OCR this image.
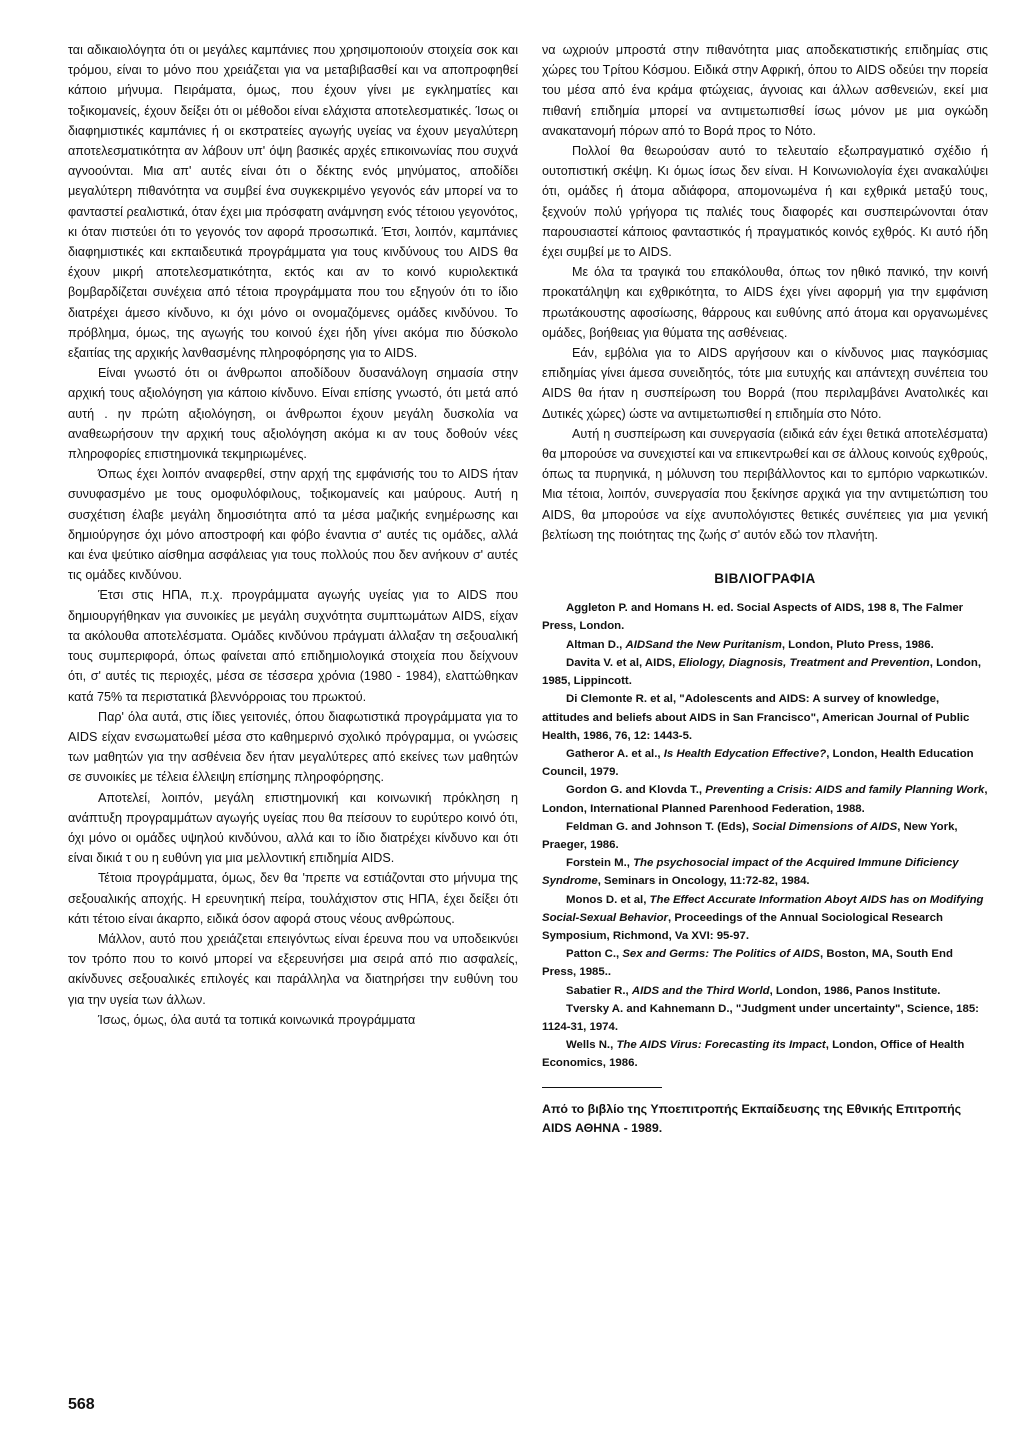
ται αδικαιολόγητα ότι οι μεγάλες καμπάνιες που χρησιμοποιούν στοιχεία σοκ και τρόμου, είναι το μόνο που χρειάζεται για να μεταβιβασθεί και να αποπροφηθεί κάποιο μήνυμα. Πειράματα, όμως, που έχουν γίνει με εγκληματίες και τοξικομανείς, έχουν δείξει ότι οι μέθοδοι είναι ελάχιστα αποτελεσματικές. Ίσως οι διαφημιστικές καμπάνιες ή οι εκστρατείες αγωγής υγείας να έχουν μεγαλύτερη αποτελεσματικότητα αν λάβουν υπ' όψη βασικές αρχές επικοινωνίας που συχνά αγνοούνται. Μια απ' αυτές είναι ότι ο δέκτης ενός μηνύματος, αποδίδει μεγαλύτερη πιθανότητα να συμβεί ένα συγκεκριμένο γεγονός εάν μπορεί να το φανταστεί ρεαλιστικά, όταν έχει μια πρόσφατη ανάμνηση ενός τέτοιου γεγονότος, κι όταν πιστεύει ότι το γεγονός τον αφορά προσωπικά. Έτσι, λοιπόν, καμπάνιες διαφημιστικές και εκπαιδευτικά προγράμματα για τους κινδύνους του AIDS θα έχουν μικρή αποτελεσματικότητα, εκτός και αν το κοινό κυριολεκτικά βομβαρδίζεται συνέχεια από τέτοια προγράμματα που του εξηγούν ότι το ίδιο διατρέχει άμεσο κίνδυνο, κι όχι μόνο οι ονομαζόμενες ομάδες κινδύνου. Το πρόβλημα, όμως, της αγωγής του κοινού έχει ήδη γίνει ακόμα πιο δύσκολο εξαιτίας της αρχικής λανθασμένης πληροφόρησης για το AIDS.

Είναι γνωστό ότι οι άνθρωποι αποδίδουν δυσανάλογη σημασία στην αρχική τους αξιολόγηση για κάποιο κίνδυνο. Είναι επίσης γνωστό, ότι μετά από αυτή . ην πρώτη αξιολόγηση, οι άνθρωποι έχουν μεγάλη δυσκολία να αναθεωρήσουν την αρχική τους αξιολόγηση ακόμα κι αν τους δοθούν νέες πληροφορίες επιστημονικά τεκμηριωμένες.

Όπως έχει λοιπόν αναφερθεί, στην αρχή της εμφάνισής του το AIDS ήταν συνυφασμένο με τους ομοφυλόφιλους, τοξικομανείς και μαύρους. Αυτή η συσχέτιση έλαβε μεγάλη δημοσιότητα από τα μέσα μαζικής ενημέρωσης και δημιούργησε όχι μόνο αποστροφή και φόβο έναντια σ' αυτές τις ομάδες, αλλά και ένα ψεύτικο αίσθημα ασφάλειας για τους πολλούς που δεν ανήκουν σ' αυτές τις ομάδες κινδύνου.

Έτσι στις ΗΠΑ, π.χ. προγράμματα αγωγής υγείας για το AIDS που δημιουργήθηκαν για συνοικίες με μεγάλη συχνότητα συμπτωμάτων AIDS, είχαν τα ακόλουθα αποτελέσματα. Ομάδες κινδύνου πράγματι άλλαξαν τη σεξουαλική τους συμπεριφορά, όπως φαίνεται από επιδημιολογικά στοιχεία που δείχνουν ότι, σ' αυτές τις περιοχές, μέσα σε τέσσερα χρόνια (1980 - 1984), ελαττώθηκαν κατά 75% τα περιστατικά βλεννόρροιας του πρωκτού.

Παρ' όλα αυτά, στις ίδιες γειτονιές, όπου διαφωτιστικά προγράμματα για το AIDS είχαν ενσωματωθεί μέσα στο καθημερινό σχολικό πρόγραμμα, οι γνώσεις των μαθητών για την ασθένεια δεν ήταν μεγαλύτερες από εκείνες των μαθητών σε συνοικίες με τέλεια έλλειψη επίσημης πληροφόρησης.

Αποτελεί, λοιπόν, μεγάλη επιστημονική και κοινωνική πρόκληση η ανάπτυξη προγραμμάτων αγωγής υγείας που θα πείσουν το ευρύτερο κοινό ότι, όχι μόνο οι ομάδες υψηλού κινδύνου, αλλά και το ίδιο διατρέχει κίνδυνο και ότι είναι δικιά τ ου η ευθύνη για μια μελλοντική επιδημία AIDS.

Τέτοια προγράμματα, όμως, δεν θα 'πρεπε να εστιάζονται στο μήνυμα της σεξουαλικής αποχής. Η ερευνητική πείρα, τουλάχιστον στις ΗΠΑ, έχει δείξει ότι κάτι τέτοιο είναι άκαρπο, ειδικά όσον αφορά στους νέους ανθρώπους.

Μάλλον, αυτό που χρειάζεται επειγόντως είναι έρευνα που να υποδεικνύει τον τρόπο που το κοινό μπορεί να εξερευνήσει μια σειρά από πιο ασφαλείς, ακίνδυνες σεξουαλικές επιλογές και παράλληλα να διατηρήσει την ευθύνη του για την υγεία των άλλων.

Ίσως, όμως, όλα αυτά τα τοπικά κοινωνικά προγράμματα

να ωχριούν μπροστά στην πιθανότητα μιας αποδεκατιστικής επιδημίας στις χώρες του Τρίτου Κόσμου. Ειδικά στην Αφρική, όπου το AIDS οδεύει την πορεία του μέσα από ένα κράμα φτώχειας, άγνοιας και άλλων ασθενειών, εκεί μια πιθανή επιδημία μπορεί να αντιμετωπισθεί ίσως μόνον με μια ογκώδη ανακατανομή πόρων από το Βορά προς το Νότο.

Πολλοί θα θεωρούσαν αυτό το τελευταίο εξωπραγματικό σχέδιο ή ουτοπιστική σκέψη. Κι όμως ίσως δεν είναι. Η Κοινωνιολογία έχει ανακαλύψει ότι, ομάδες ή άτομα αδιάφορα, απομονωμένα ή και εχθρικά μεταξύ τους, ξεχνούν πολύ γρήγορα τις παλιές τους διαφορές και συσπειρώνονται όταν παρουσιαστεί κάποιος φανταστικός ή πραγματικός κοινός εχθρός. Κι αυτό ήδη έχει συμβεί με το AIDS.

Με όλα τα τραγικά του επακόλουθα, όπως τον ηθικό πανικό, την κοινή προκατάληψη και εχθρικότητα, το AIDS έχει γίνει αφορμή για την εμφάνιση πρωτάκουστης αφοσίωσης, θάρρους και ευθύνης από άτομα και οργανωμένες ομάδες, βοήθειας για θύματα της ασθένειας.

Εάν, εμβόλια για το AIDS αργήσουν και ο κίνδυνος μιας παγκόσμιας επιδημίας γίνει άμεσα συνειδητός, τότε μια ευτυχής και απάντεχη συνέπεια του AIDS θα ήταν η συσπείρωση του Βορρά (που περιλαμβάνει Ανατολικές και Δυτικές χώρες) ώστε να αντιμετωπισθεί η επιδημία στο Νότο.

Αυτή η συσπείρωση και συνεργασία (ειδικά εάν έχει θετικά αποτελέσματα) θα μπορούσε να συνεχιστεί και να επικεντρωθεί και σε άλλους κοινούς εχθρούς, όπως τα πυρηνικά, η μόλυνση του περιβάλλοντος και το εμπόριο ναρκωτικών. Μια τέτοια, λοιπόν, συνεργασία που ξεκίνησε αρχικά για την αντιμετώπιση του AIDS, θα μπορούσε να είχε ανυπολόγιστες θετικές συνέπειες για μια γενική βελτίωση της ποιότητας της ζωής σ' αυτόν εδώ τον πλανήτη.

ΒΙΒΛΙΟΓΡΑΦΙΑ
Aggleton P. and Homans H. ed. Social Aspects of AIDS, 198 8, The Falmer Press, London.
Altman D., AIDSand the New Puritanism, London, Pluto Press, 1986.
Davita V. et al, AIDS, Eliology, Diagnosis, Treatment and Prevention, London, 1985, Lippincott.
Di Clemonte R. et al, "Adolescents and AIDS: A survey of knowledge, attitudes and beliefs about AIDS in San Francisco", American Journal of Public Health, 1986, 76, 12: 1443-5.
Gatheror A. et al., Is Health Edycation Effective?, London, Health Education Council, 1979.
Gordon G. and Klovda T., Preventing a Crisis: AIDS and family Planning Work, London, International Planned Parenhood Federation, 1988.
Feldman G. and Johnson T. (Eds), Social Dimensions of AIDS, New York, Praeger, 1986.
Forstein M., The psychosocial impact of the Acquired Immune Dificiency Syndrome, Seminars in Oncology, 11:72-82, 1984.
Monos D. et al, The Effect Accurate Information Aboyt AIDS has on Modifying Social-Sexual Behavior, Proceedings of the Annual Sociological Research Symposium, Richmond, Va XVI: 95-97.
Patton C., Sex and Germs: The Politics of AIDS, Boston, MA, South End Press, 1985..
Sabatier R., AIDS and the Third World, London, 1986, Panos Institute.
Tversky A. and Kahnemann D., "Judgment under uncertainty", Science, 185: 1124-31, 1974.
Wells N., The AIDS Virus: Forecasting its Impact, London, Office of Health Economics, 1986.

Από το βιβλίο της Υποεπιτροπής Εκπαίδευσης της Εθνικής Επιτροπής AIDS ΑΘΗΝΑ - 1989.

568
